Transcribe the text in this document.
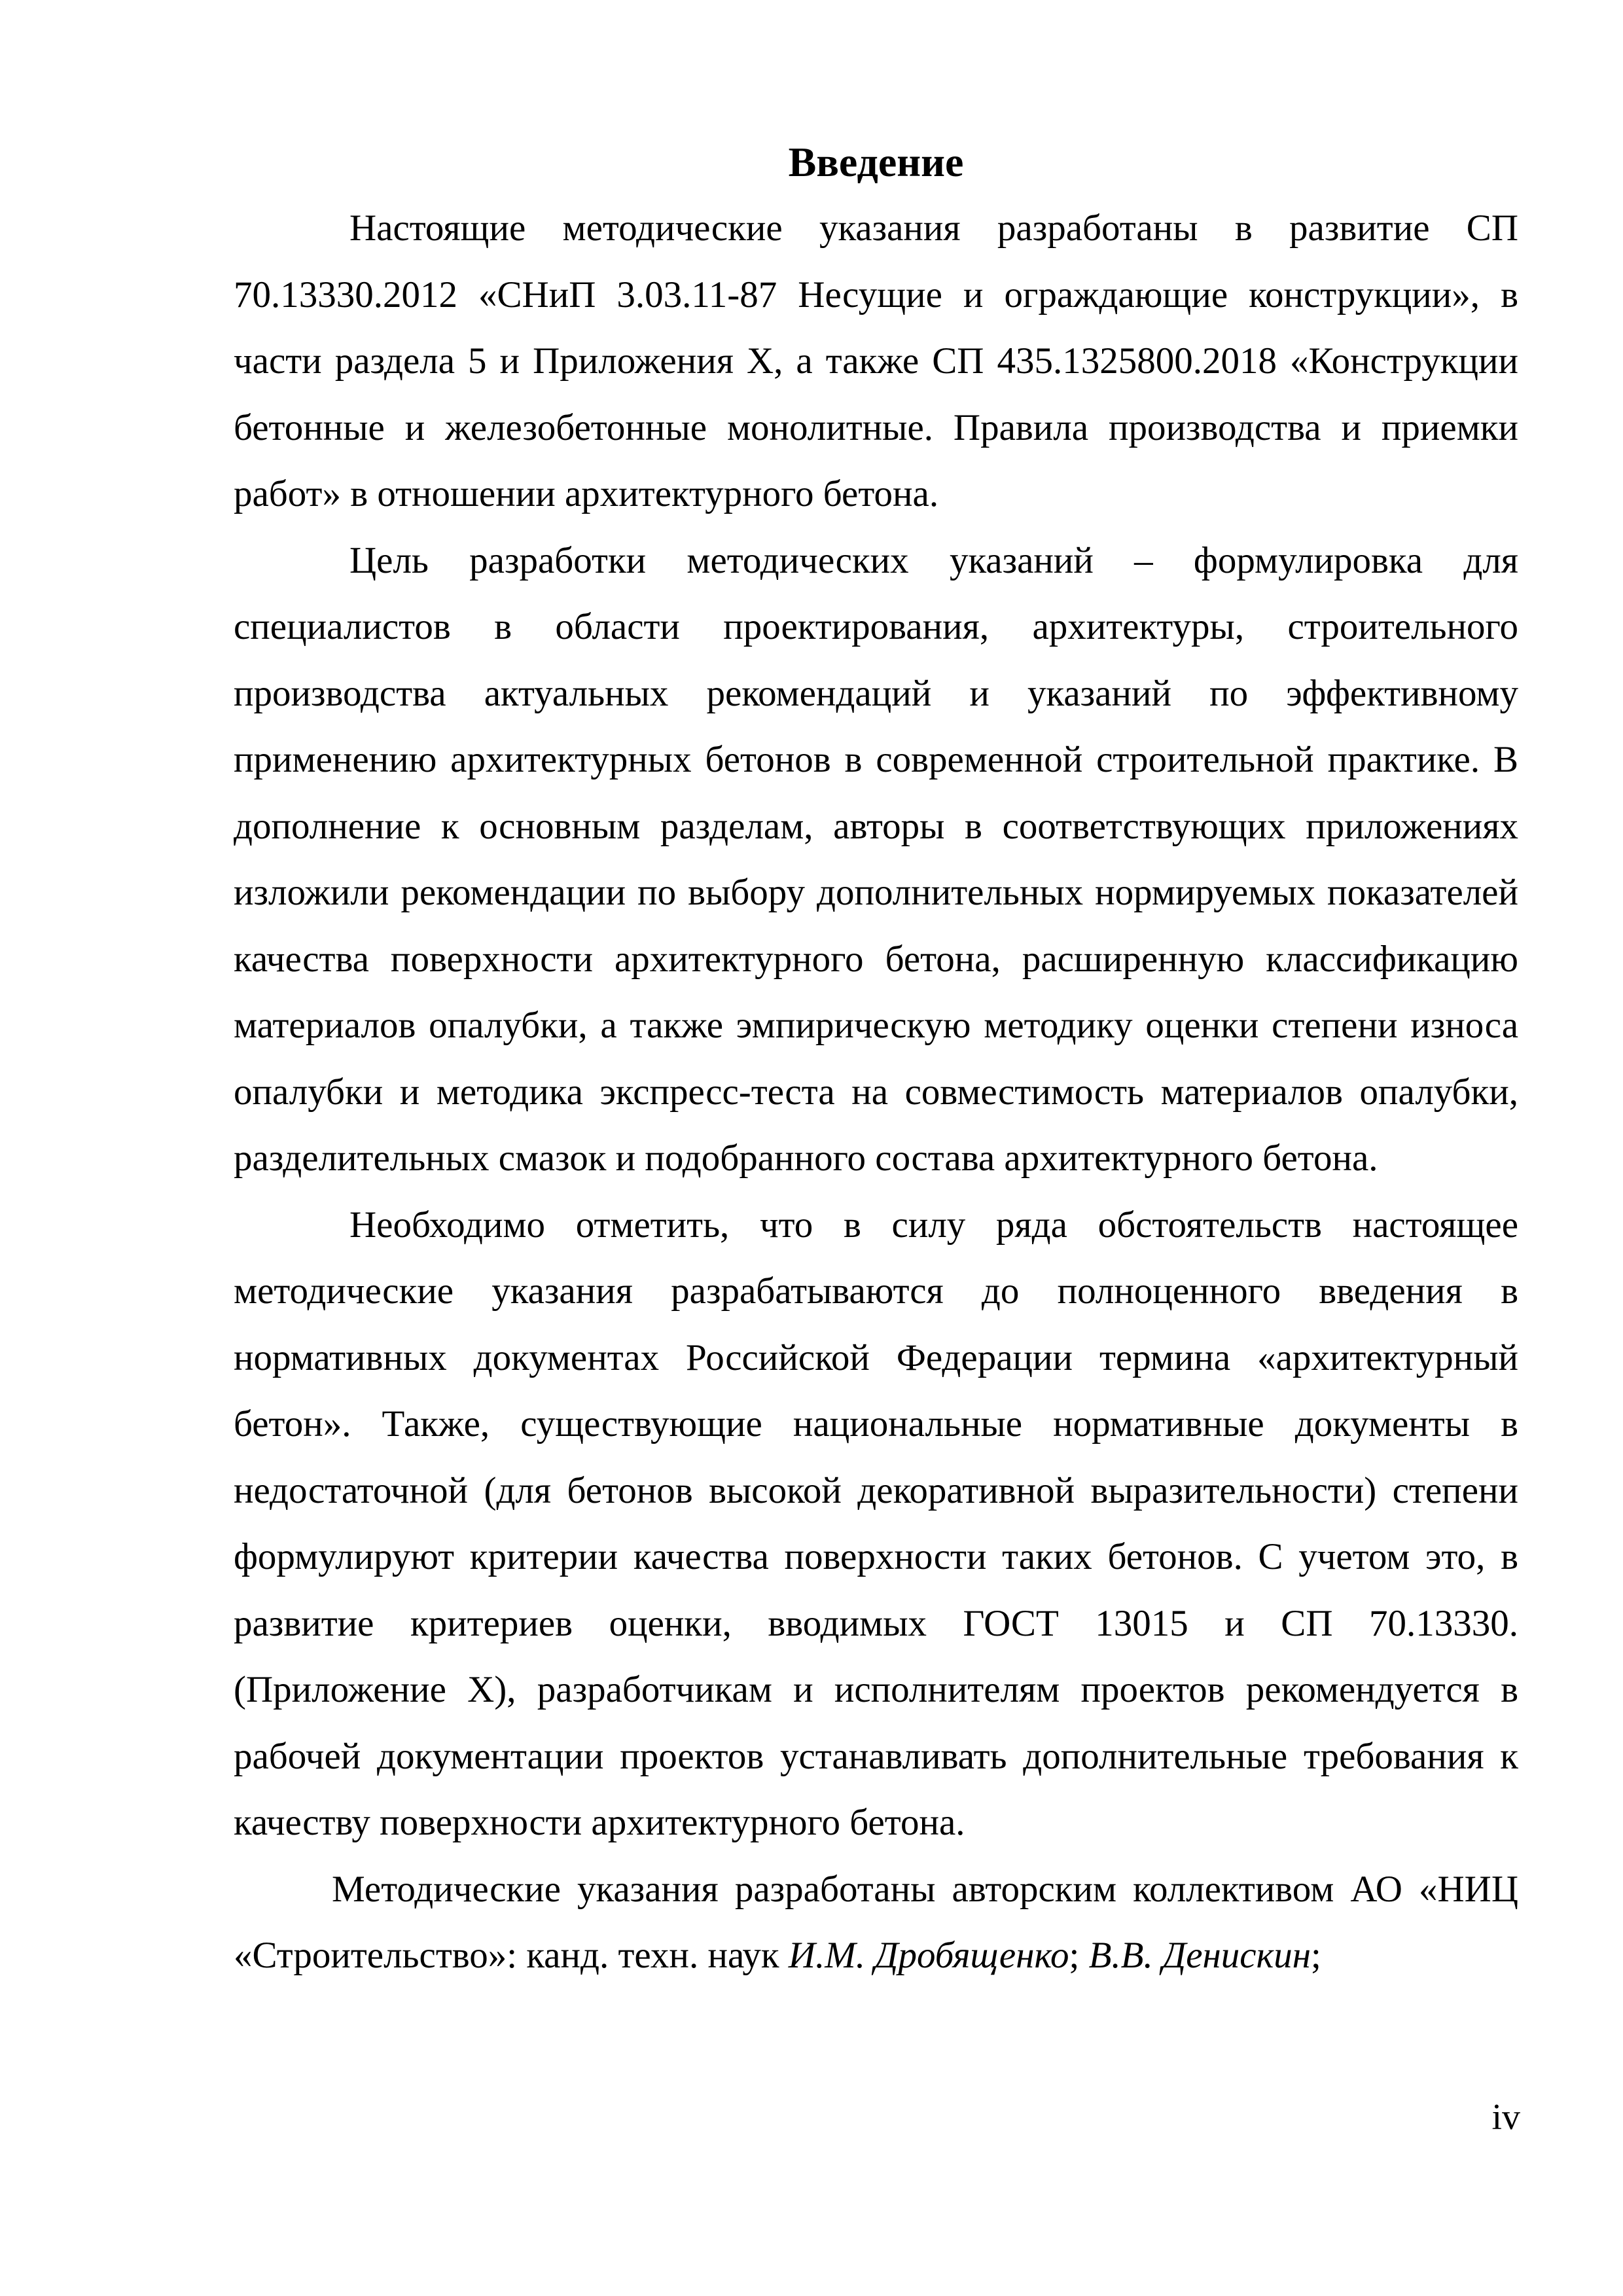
Введение

Настоящие методические указания разработаны в развитие СП 70.13330.2012 «СНиП 3.03.11-87 Несущие и ограждающие конструкции», в части раздела 5 и Приложения Х, а также СП 435.1325800.2018 «Конструкции бетонные и железобетонные монолитные. Правила производства и приемки работ» в отношении архитектурного бетона.

Цель разработки методических указаний – формулировка для специалистов в области проектирования, архитектуры, строительного производства актуальных рекомендаций и указаний по эффективному применению архитектурных бетонов в современной строительной практике. В дополнение к основным разделам, авторы в соответствующих приложениях изложили рекомендации по выбору дополнительных нормируемых показателей качества поверхности архитектурного бетона, расширенную классификацию материалов опалубки, а также эмпирическую методику оценки степени износа опалубки и методика экспресс-теста на совместимость материалов опалубки, разделительных смазок и подобранного состава архитектурного бетона.

Необходимо отметить, что в силу ряда обстоятельств настоящее методические указания разрабатываются до полноценного введения в нормативных документах Российской Федерации термина «архитектурный бетон». Также, существующие национальные нормативные документы в недостаточной (для бетонов высокой декоративной выразительности) степени формулируют критерии качества поверхности таких бетонов. С учетом это, в развитие критериев оценки, вводимых ГОСТ 13015 и СП 70.13330. (Приложение Х), разработчикам и исполнителям проектов рекомендуется в рабочей документации проектов устанавливать дополнительные требования к качеству поверхности архитектурного бетона.

Методические указания разработаны авторским коллективом АО «НИЦ «Строительство»: канд. техн. наук И.М. Дробященко; В.В. Денискин;

iv
